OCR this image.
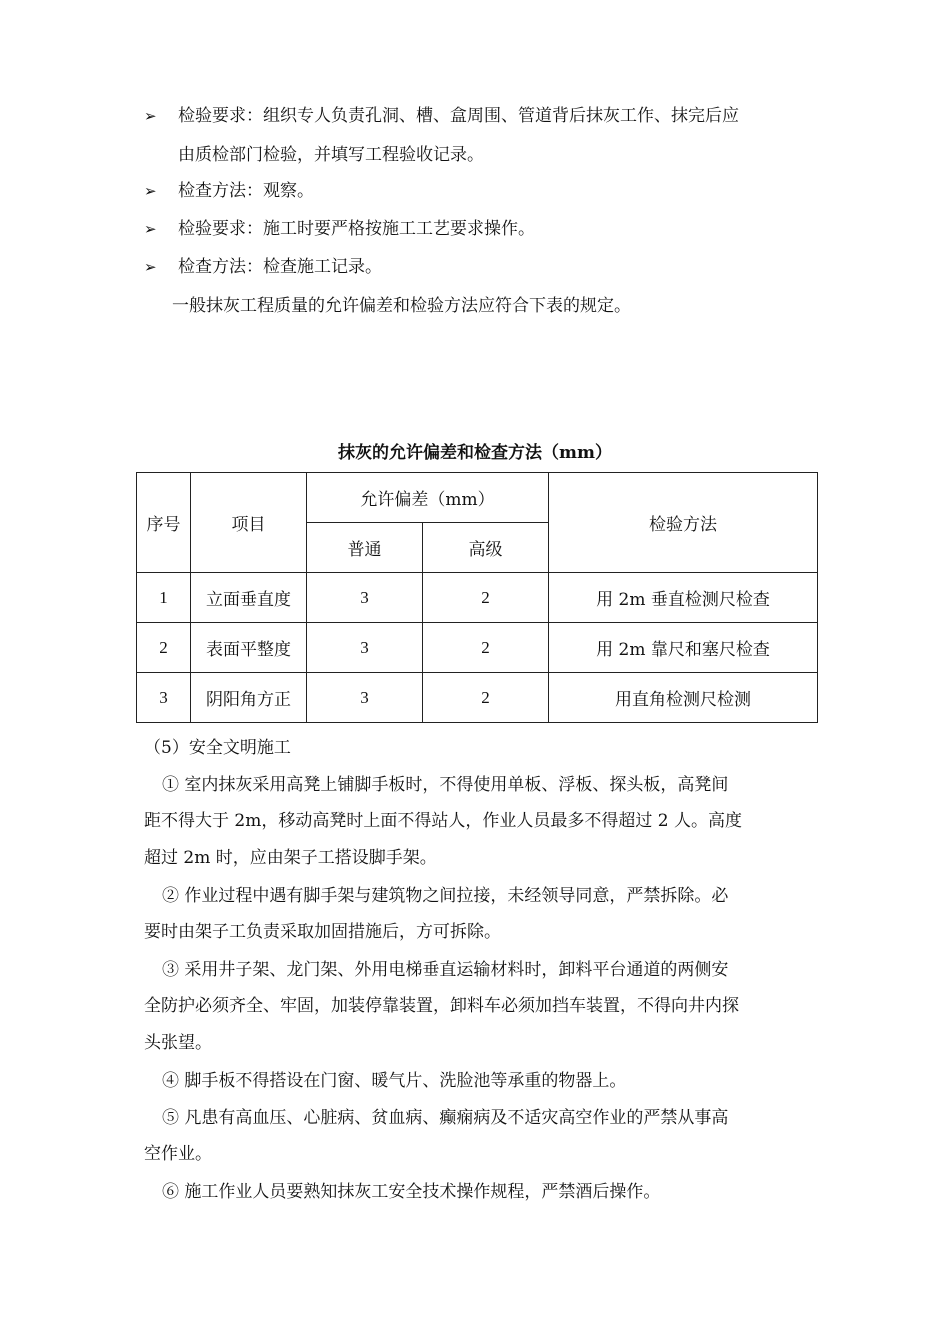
➢ 检验要求：组织专人负责孔洞、槽、盒周围、管道背后抹灰工作、抹完后应
由质检部门检验，并填写工程验收记录。
➢ 检查方法：观察。
➢ 检验要求：施工时要严格按施工工艺要求操作。
➢ 检查方法：检查施工记录。
一般抹灰工程质量的允许偏差和检验方法应符合下表的规定。
抹灰的允许偏差和检查方法（mm）
序号	项目	允许偏差（mm）		检验方法
		普通	高级	
1	立面垂直度	3	2	用 2m 垂直检测尺检查
2	表面平整度	3	2	用 2m 靠尺和塞尺检查
3	阴阳角方正	3	2	用直角检测尺检测
（5）安全文明施工
① 室内抹灰采用高凳上铺脚手板时，不得使用单板、浮板、探头板，高凳间
距不得大于 2m，移动高凳时上面不得站人，作业人员最多不得超过 2 人。高度
超过 2m 时，应由架子工搭设脚手架。
② 作业过程中遇有脚手架与建筑物之间拉接，未经领导同意，严禁拆除。必
要时由架子工负责采取加固措施后，方可拆除。
③ 采用井子架、龙门架、外用电梯垂直运输材料时，卸料平台通道的两侧安
全防护必须齐全、牢固，加装停靠装置，卸料车必须加挡车装置，不得向井内探
头张望。
④ 脚手板不得搭设在门窗、暖气片、洗脸池等承重的物器上。
⑤ 凡患有高血压、心脏病、贫血病、癫痫病及不适灾高空作业的严禁从事高
空作业。
⑥ 施工作业人员要熟知抹灰工安全技术操作规程，严禁酒后操作。
